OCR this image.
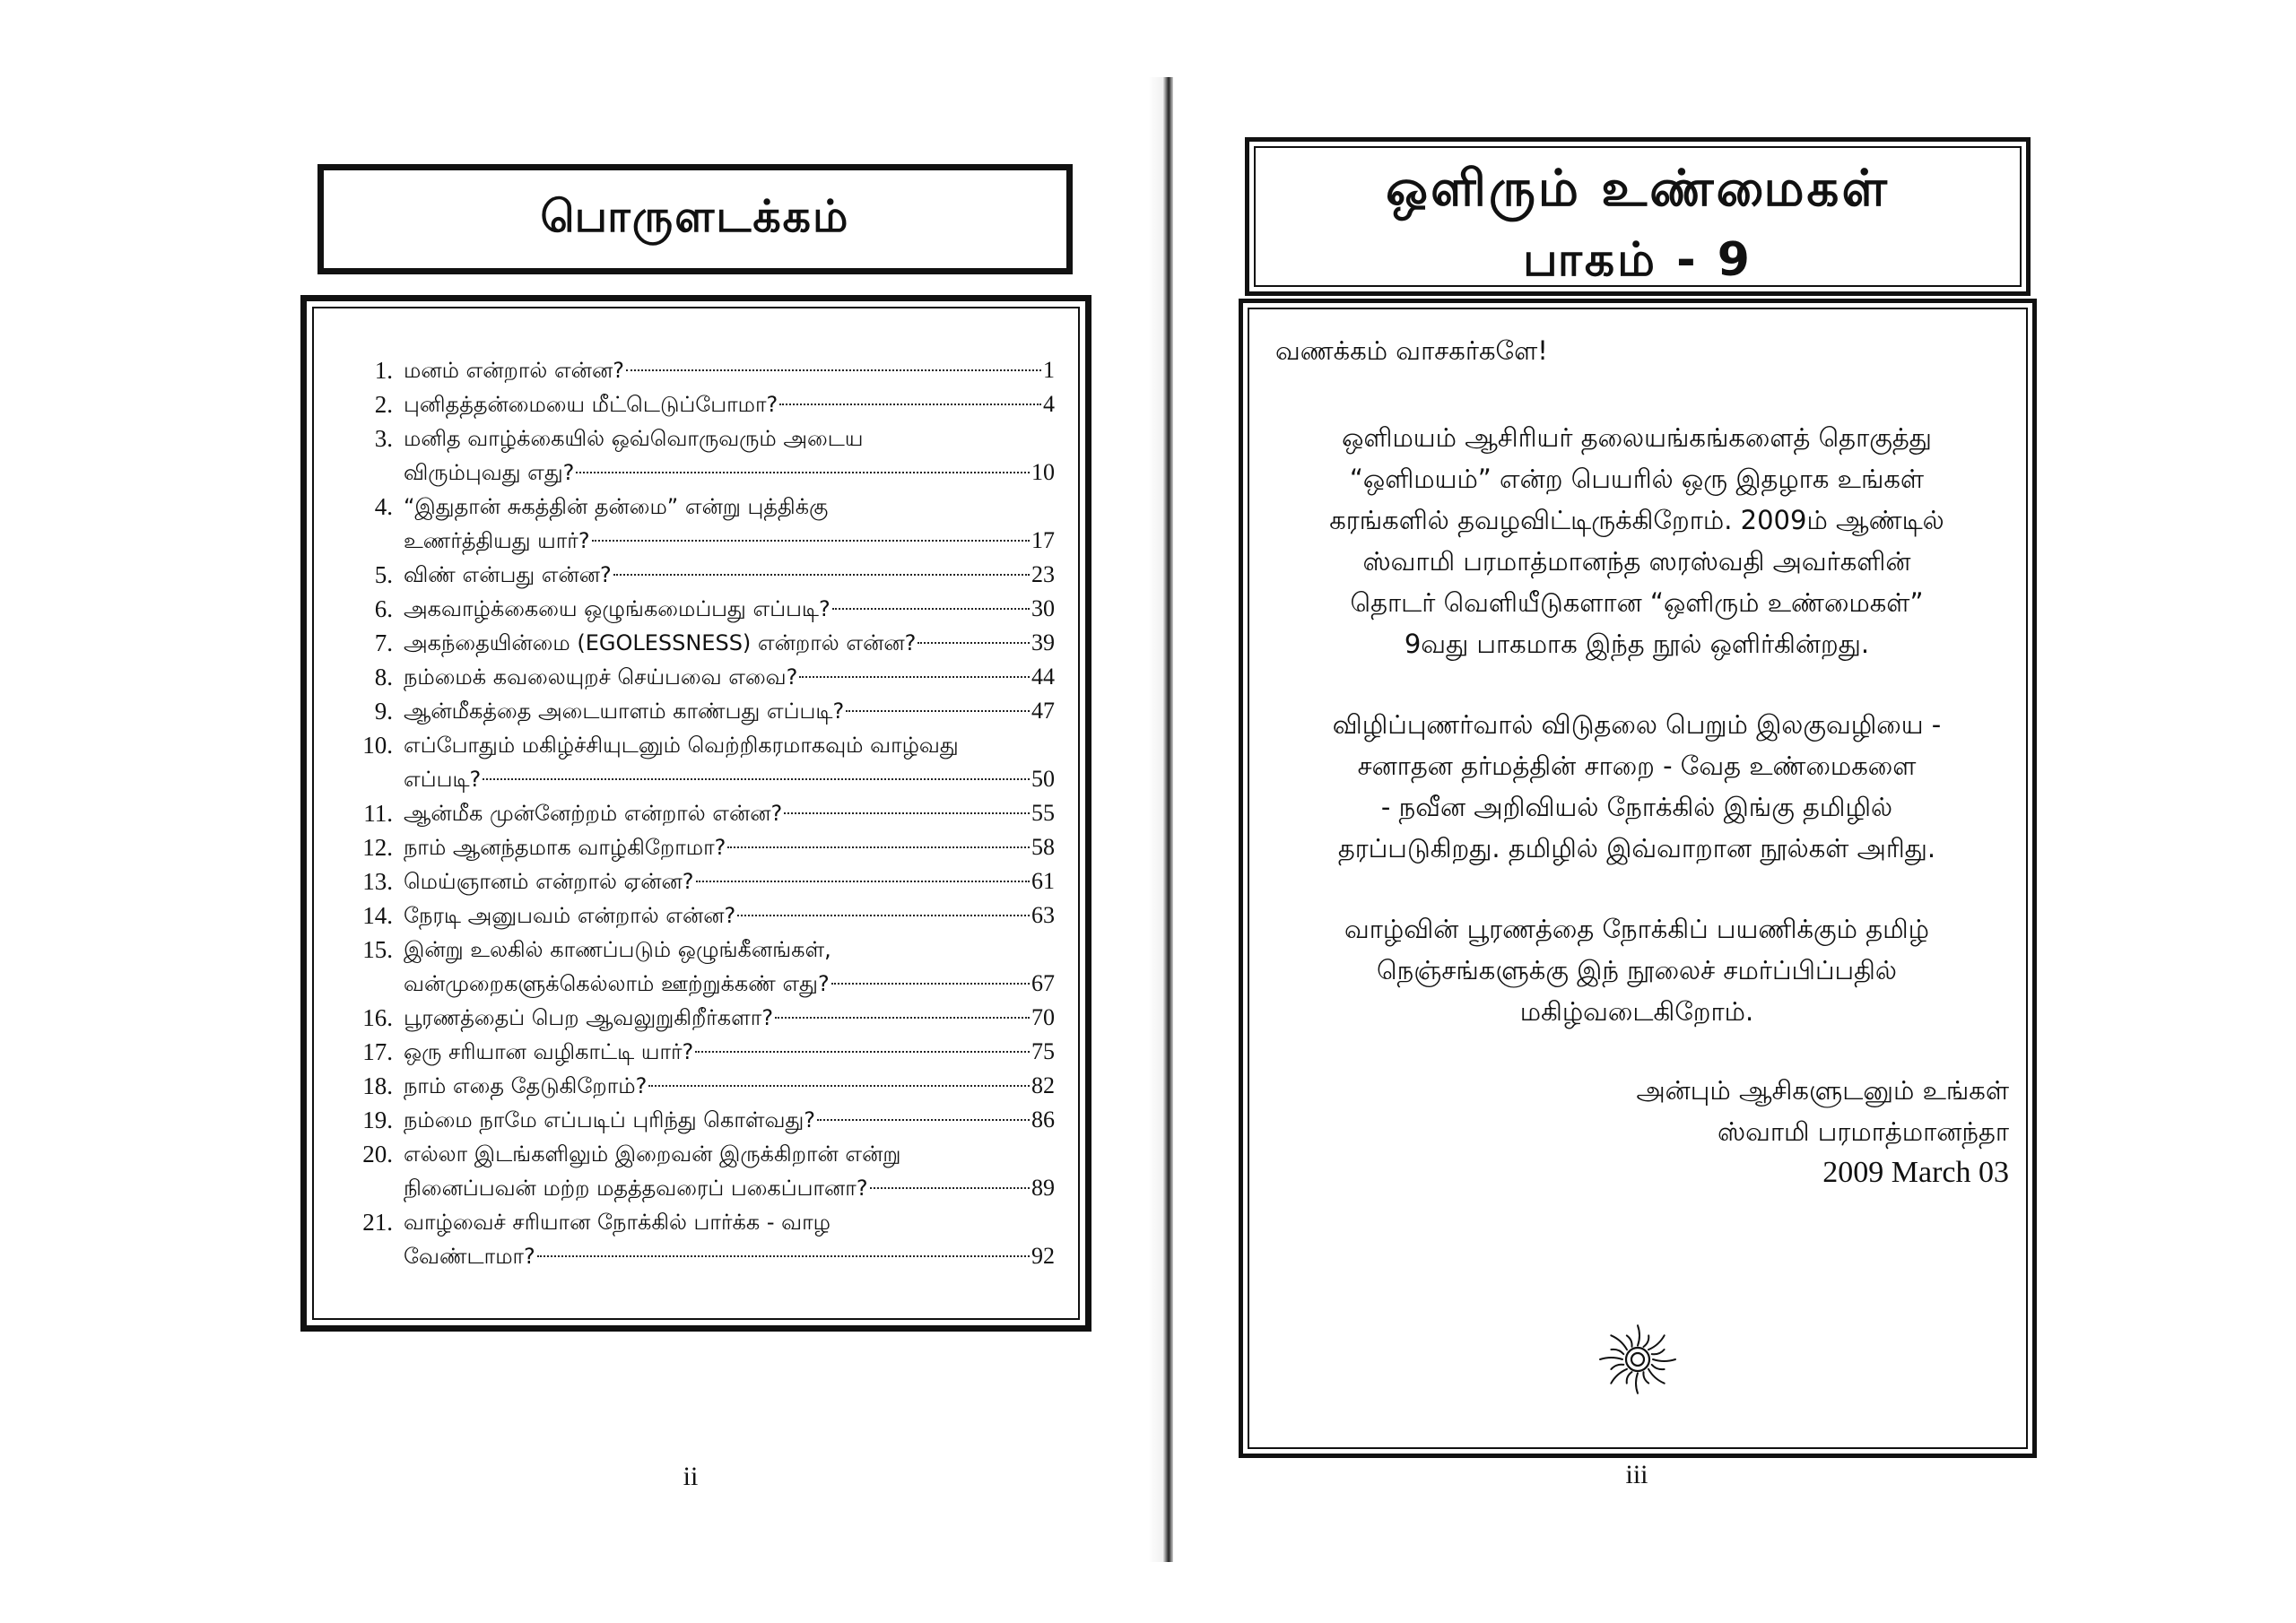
பொருளடக்கம்
1. மனம் என்றால் என்ன?	1
2. புனிதத்தன்மையை மீட்டெடுப்போமா?	4
3. மனித வாழ்க்கையில் ஒவ்வொருவரும் அடைய
விரும்புவது எது?	10
4. “இதுதான் சுகத்தின் தன்மை” என்று புத்திக்கு
உணர்த்தியது யார்?	17
5. விண் என்பது என்ன?	23
6. அகவாழ்க்கையை ஒழுங்கமைப்பது எப்படி?	30
7. அகந்தையின்மை (EGOLESSNESS) என்றால் என்ன?	39
8. நம்மைக் கவலையுறச் செய்பவை எவை?	44
9. ஆன்மீகத்தை அடையாளம் காண்பது எப்படி?	47
10. எப்போதும் மகிழ்ச்சியுடனும் வெற்றிகரமாகவும் வாழ்வது
எப்படி?	50
11. ஆன்மீக முன்னேற்றம் என்றால் என்ன?	55
12. நாம் ஆனந்தமாக வாழ்கிறோமா?	58
13. மெய்ஞானம் என்றால் ஏன்ன?	61
14. நேரடி அனுபவம் என்றால் என்ன?	63
15. இன்று உலகில் காணப்படும் ஒழுங்கீனங்கள்,
வன்முறைகளுக்கெல்லாம் ஊற்றுக்கண் எது?	67
16. பூரணத்தைப் பெற ஆவலுறுகிறீர்களா?	70
17. ஒரு சரியான வழிகாட்டி யார்?	75
18. நாம் எதை தேடுகிறோம்?	82
19. நம்மை நாமே எப்படிப் புரிந்து கொள்வது?	86
20. எல்லா இடங்களிலும் இறைவன் இருக்கிறான் என்று
நினைப்பவன் மற்ற மதத்தவரைப் பகைப்பானா?	89
21. வாழ்வைச் சரியான நோக்கில் பார்க்க - வாழ
வேண்டாமா?	92
ii
ஒளிரும் உண்மைகள்
பாகம் - 9
வணக்கம் வாசகர்களே!
ஒளிமயம் ஆசிரியர் தலையங்கங்களைத் தொகுத்து
“ஒளிமயம்” என்ற பெயரில் ஒரு இதழாக உங்கள்
கரங்களில் தவழவிட்டிருக்கிறோம். 2009ம் ஆண்டில்
ஸ்வாமி பரமாத்மானந்த ஸரஸ்வதி அவர்களின்
தொடர் வெளியீடுகளான “ஒளிரும் உண்மைகள்”
9வது பாகமாக இந்த நூல் ஒளிர்கின்றது.
விழிப்புணர்வால் விடுதலை பெறும் இலகுவழியை -
சனாதன தர்மத்தின் சாறை - வேத உண்மைகளை
- நவீன அறிவியல் நோக்கில் இங்கு தமிழில்
தரப்படுகிறது. தமிழில் இவ்வாறான நூல்கள் அரிது.
வாழ்வின் பூரணத்தை நோக்கிப் பயணிக்கும் தமிழ்
நெஞ்சங்களுக்கு இந் நூலைச் சமர்ப்பிப்பதில்
மகிழ்வடைகிறோம்.
அன்பும் ஆசிகளுடனும் உங்கள்
ஸ்வாமி பரமாத்மானந்தா
2009 March 03
iii
